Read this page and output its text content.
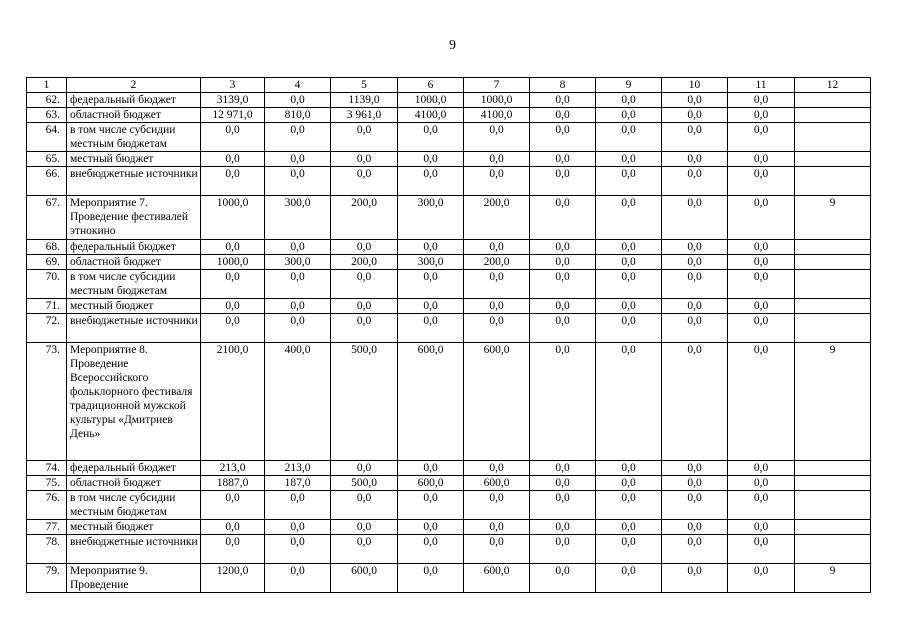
9
1	2	3	4	5	6	7	8	9	10	11	12
62.	федеральный бюджет	3139,0	0,0	1139,0	1000,0	1000,0	0,0	0,0	0,0	0,0	
63.	областной бюджет	12 971,0	810,0	3 961,0	4100,0	4100,0	0,0	0,0	0,0	0,0	
64.	в том числе субсидии местным бюджетам	0,0	0,0	0,0	0,0	0,0	0,0	0,0	0,0	0,0	
65.	местный бюджет	0,0	0,0	0,0	0,0	0,0	0,0	0,0	0,0	0,0	
66.	внебюджетные источники	0,0	0,0	0,0	0,0	0,0	0,0	0,0	0,0	0,0	
67.	Мероприятие 7. Проведение фестивалей этнокино	1000,0	300,0	200,0	300,0	200,0	0,0	0,0	0,0	0,0	9
68.	федеральный бюджет	0,0	0,0	0,0	0,0	0,0	0,0	0,0	0,0	0,0	
69.	областной бюджет	1000,0	300,0	200,0	300,0	200,0	0,0	0,0	0,0	0,0	
70.	в том числе субсидии местным бюджетам	0,0	0,0	0,0	0,0	0,0	0,0	0,0	0,0	0,0	
71.	местный бюджет	0,0	0,0	0,0	0,0	0,0	0,0	0,0	0,0	0,0	
72.	внебюджетные источники	0,0	0,0	0,0	0,0	0,0	0,0	0,0	0,0	0,0	
73.	Мероприятие 8. Проведение Всероссийского фольклорного фестиваля традиционной мужской культуры «Дмитриев День»	2100,0	400,0	500,0	600,0	600,0	0,0	0,0	0,0	0,0	9
74.	федеральный бюджет	213,0	213,0	0,0	0,0	0,0	0,0	0,0	0,0	0,0	
75.	областной бюджет	1887,0	187,0	500,0	600,0	600,0	0,0	0,0	0,0	0,0	
76.	в том числе субсидии местным бюджетам	0,0	0,0	0,0	0,0	0,0	0,0	0,0	0,0	0,0	
77.	местный бюджет	0,0	0,0	0,0	0,0	0,0	0,0	0,0	0,0	0,0	
78.	внебюджетные источники	0,0	0,0	0,0	0,0	0,0	0,0	0,0	0,0	0,0	
79.	Мероприятие 9. Проведение	1200,0	0,0	600,0	0,0	600,0	0,0	0,0	0,0	0,0	9
